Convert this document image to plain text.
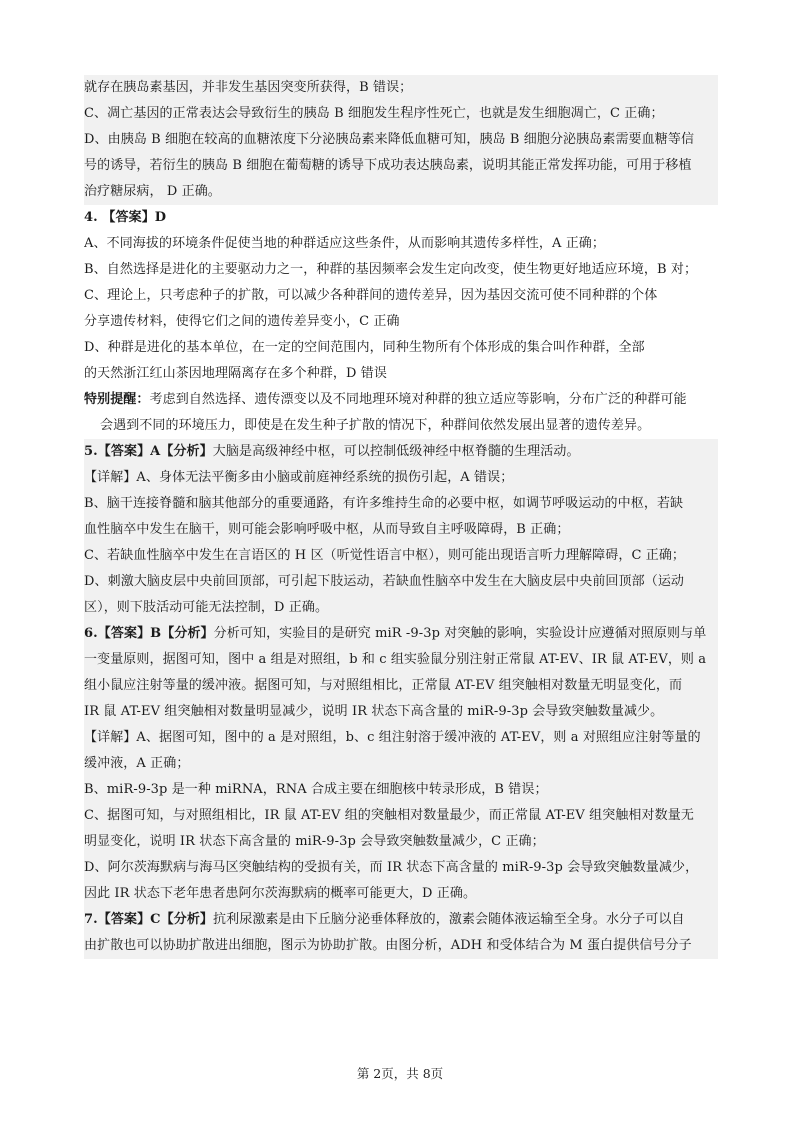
就存在胰岛素基因，并非发生基因突变所获得，B 错误；

C、凋亡基因的正常表达会导致衍生的胰岛 B 细胞发生程序性死亡，也就是发生细胞凋亡，C 正确；

D、由胰岛 B 细胞在较高的血糖浓度下分泌胰岛素来降低血糖可知，胰岛 B 细胞分泌胰岛素需要血糖等信

号的诱导，若衍生的胰岛 B 细胞在葡萄糖的诱导下成功表达胰岛素，说明其能正常发挥功能，可用于移植

治疗糖尿病， D 正确。

4. 【答案】D

A、不同海拔的环境条件促使当地的种群适应这些条件，从而影响其遗传多样性，A 正确；

B、自然选择是进化的主要驱动力之一，种群的基因频率会发生定向改变，使生物更好地适应环境，B 对；

C、理论上，只考虑种子的扩散，可以减少各种群间的遗传差异，因为基因交流可使不同种群的个体

分享遗传材料，使得它们之间的遗传差异变小，C 正确

D、种群是进化的基本单位，在一定的空间范围内，同种生物所有个体形成的集合叫作种群，全部

的天然浙江红山茶因地理隔离存在多个种群，D 错误

特别提醒：考虑到自然选择、遗传漂变以及不同地理环境对种群的独立适应等影响，分布广泛的种群可能

会遇到不同的环境压力，即使是在发生种子扩散的情况下，种群间依然发展出显著的遗传差异。

5.【答案】A【分析】大脑是高级神经中枢，可以控制低级神经中枢脊髓的生理活动。

【详解】A、身体无法平衡多由小脑或前庭神经系统的损伤引起，A 错误；

B、脑干连接脊髓和脑其他部分的重要通路，有许多维持生命的必要中枢，如调节呼吸运动的中枢，若缺

血性脑卒中发生在脑干，则可能会影响呼吸中枢，从而导致自主呼吸障碍，B 正确；

C、若缺血性脑卒中发生在言语区的 H 区（听觉性语言中枢），则可能出现语言听力理解障碍，C 正确；

D、刺激大脑皮层中央前回顶部，可引起下肢运动，若缺血性脑卒中发生在大脑皮层中央前回顶部（运动

区），则下肢活动可能无法控制，D 正确。

6.【答案】B【分析】分析可知，实验目的是研究 miR -9-3p 对突触的影响，实验设计应遵循对照原则与单

一变量原则，据图可知，图中 a 组是对照组，b 和 c 组实验鼠分别注射正常鼠 AT-EV、IR 鼠 AT-EV，则 a

组小鼠应注射等量的缓冲液。据图可知，与对照组相比，正常鼠 AT-EV 组突触相对数量无明显变化，而

IR 鼠 AT-EV 组突触相对数量明显减少，说明 IR 状态下高含量的 miR-9-3p 会导致突触数量减少。

【详解】A、据图可知，图中的 a 是对照组，b、c 组注射溶于缓冲液的 AT-EV，则 a 对照组应注射等量的

缓冲液，A 正确；

B、miR-9-3p 是一种 miRNA，RNA 合成主要在细胞核中转录形成，B 错误；

C、据图可知，与对照组相比，IR 鼠 AT-EV 组的突触相对数量最少，而正常鼠 AT-EV 组突触相对数量无

明显变化，说明 IR 状态下高含量的 miR-9-3p 会导致突触数量减少，C 正确；

D、阿尔茨海默病与海马区突触结构的受损有关，而 IR 状态下高含量的 miR-9-3p 会导致突触数量减少，

因此 IR 状态下老年患者患阿尔茨海默病的概率可能更大，D 正确。

7.【答案】C【分析】抗利尿激素是由下丘脑分泌垂体释放的，激素会随体液运输至全身。水分子可以自

由扩散也可以协助扩散进出细胞，图示为协助扩散。由图分析，ADH 和受体结合为 M 蛋白提供信号分子

第 2页，共 8页
